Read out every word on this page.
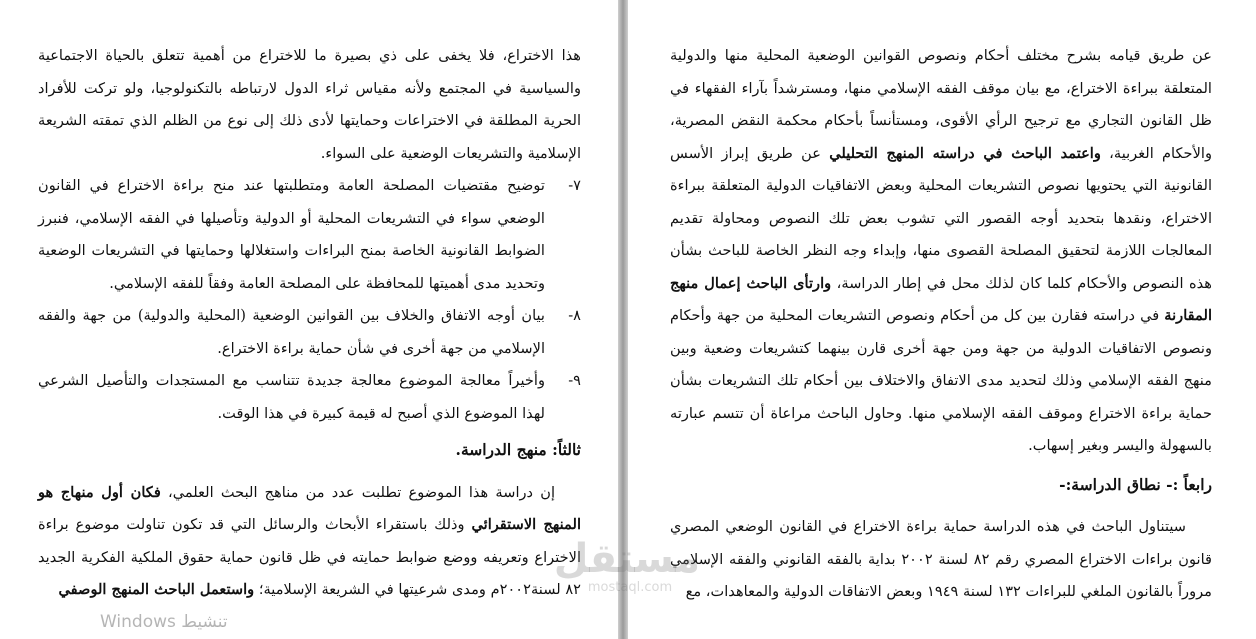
هذا الاختراع، فلا يخفى على ذي بصيرة ما للاختراع من أهمية تتعلق بالحياة الاجتماعية والسياسية في المجتمع ولأنه مقياس ثراء الدول لارتباطه بالتكنولوجيا، ولو تركت للأفراد الحرية المطلقة في الاختراعات وحمايتها لأدى ذلك إلى نوع من الظلم الذي تمقته الشريعة الإسلامية والتشريعات الوضعية على السواء.

٧-
توضيح مقتضيات المصلحة العامة ومتطلبتها عند منح براءة الاختراع في القانون الوضعي سواء في التشريعات المحلية أو الدولية وتأصيلها في الفقه الإسلامي، فنبرز الضوابط القانونية الخاصة بمنح البراءات واستغلالها وحمايتها في التشريعات الوضعية وتحديد مدى أهميتها للمحافظة على المصلحة العامة وفقاً للفقه الإسلامي.
٨-
بيان أوجه الاتفاق والخلاف بين القوانين الوضعية (المحلية والدولية) من جهة والفقه الإسلامي من جهة أخرى في شأن حماية براءة الاختراع.
٩-
وأخيراً معالجة الموضوع معالجة جديدة تتناسب مع المستجدات والتأصيل الشرعي لهذا الموضوع الذي أصبح له قيمة كبيرة في هذا الوقت.

ثالثاً: منهج الدراسة.

إن دراسة هذا الموضوع تطلبت عدد من مناهج البحث العلمي، فكان أول منهاج هو المنهج الاستقرائي وذلك باستقراء الأبحاث والرسائل التي قد تكون تناولت موضوع براءة الاختراع وتعريفه ووضع ضوابط حمايته في ظل قانون حماية حقوق الملكية الفكرية الجديد ٨٢ لسنة٢٠٠٢م ومدى شرعيتها في الشريعة الإسلامية؛ واستعمل الباحث المنهج الوصفي

عن طريق قيامه بشرح مختلف أحكام ونصوص القوانين الوضعية المحلية منها والدولية المتعلقة ببراءة الاختراع، مع بيان موقف الفقه الإسلامي منها، ومسترشداً بآراء الفقهاء في ظل القانون التجاري مع ترجيح الرأي الأقوى، ومستأنساً بأحكام محكمة النقض المصرية، والأحكام الغربية، واعتمد الباحث في دراسته المنهج التحليلي عن طريق إبراز الأسس القانونية التي يحتويها نصوص التشريعات المحلية وبعض الاتفاقيات الدولية المتعلقة ببراءة الاختراع، ونقدها بتحديد أوجه القصور التي تشوب بعض تلك النصوص ومحاولة تقديم المعالجات اللازمة لتحقيق المصلحة القصوى منها، وإبداء وجه النظر الخاصة للباحث بشأن هذه النصوص والأحكام كلما كان لذلك محل في إطار الدراسة، وارتأى الباحث إعمال منهج المقارنة في دراسته فقارن بين كل من أحكام ونصوص التشريعات المحلية من جهة وأحكام ونصوص الاتفاقيات الدولية من جهة ومن جهة أخرى قارن بينهما كتشريعات وضعية وبين منهج الفقه الإسلامي وذلك لتحديد مدى الاتفاق والاختلاف بين أحكام تلك التشريعات بشأن حماية براءة الاختراع وموقف الفقه الإسلامي منها. وحاول الباحث مراعاة أن تتسم عبارته بالسهولة واليسر وبغير إسهاب.

رابعاً :- نطاق الدراسة:-

سيتناول الباحث في هذه الدراسة حماية براءة الاختراع في القانون الوضعي المصري قانون براءات الاختراع المصري رقم ٨٢ لسنة ٢٠٠٢ بداية بالفقه القانوني والفقه الإسلامي مروراً بالقانون الملغي للبراءات ١٣٢ لسنة ١٩٤٩ وبعض الاتفاقات الدولية والمعاهدات، مع

مستقل
mostaql.com
تنشيط Windows
